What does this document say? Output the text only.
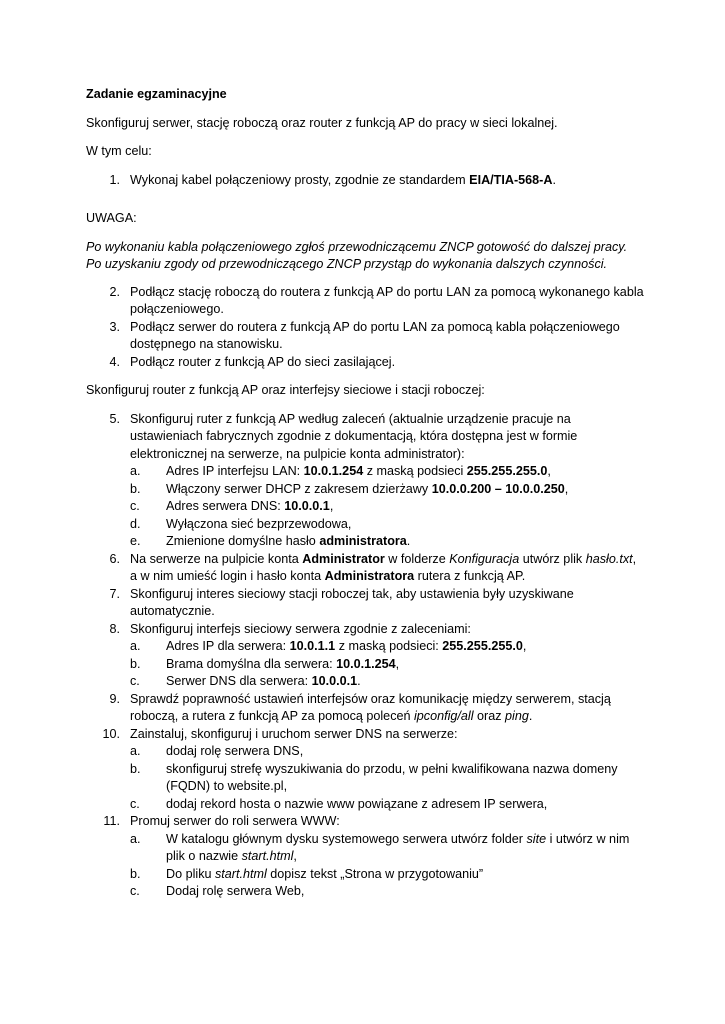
Zadanie egzaminacyjne

Skonfiguruj serwer, stację roboczą oraz router z funkcją AP do pracy w sieci lokalnej.

W tym celu:

1. Wykonaj kabel połączeniowy prosty, zgodnie ze standardem EIA/TIA-568-A.

UWAGA:

Po wykonaniu kabla połączeniowego zgłoś przewodniczącemu ZNCP gotowość do dalszej pracy. Po uzyskaniu zgody od przewodniczącego ZNCP przystąp do wykonania dalszych czynności.

2. Podłącz stację roboczą do routera z funkcją AP do portu LAN za pomocą wykonanego kabla połączeniowego.
3. Podłącz serwer do routera z funkcją AP do portu LAN za pomocą kabla połączeniowego dostępnego na stanowisku.
4. Podłącz router z funkcją AP do sieci zasilającej.

Skonfiguruj router z funkcją AP oraz interfejsy sieciowe i stacji roboczej:

5. Skonfiguruj ruter z funkcją AP według zaleceń (aktualnie urządzenie pracuje na ustawieniach fabrycznych zgodnie z dokumentacją, która dostępna jest w formie elektronicznej na serwerze, na pulpicie konta administrator):
a.	Adres IP interfejsu LAN: 10.0.1.254 z maską podsieci 255.255.255.0,
b.	Włączony serwer DHCP z zakresem dzierżawy 10.0.0.200 – 10.0.0.250,
c.	Adres serwera DNS: 10.0.0.1,
d.	Wyłączona sieć bezprzewodowa,
e.	Zmienione domyślne hasło administratora.
6. Na serwerze na pulpicie konta Administrator w folderze Konfiguracja utwórz plik hasło.txt, a w nim umieść login i hasło konta Administratora rutera z funkcją AP.
7. Skonfiguruj interes sieciowy stacji roboczej tak, aby ustawienia były uzyskiwane automatycznie.
8. Skonfiguruj interfejs sieciowy serwera zgodnie z zaleceniami:
a.	Adres IP dla serwera: 10.0.1.1 z maską podsieci: 255.255.255.0,
b.	Brama domyślna dla serwera: 10.0.1.254,
c.	Serwer DNS dla serwera: 10.0.0.1.
9. Sprawdź poprawność ustawień interfejsów oraz komunikację między serwerem, stacją roboczą, a rutera z funkcją AP za pomocą poleceń ipconfig/all oraz ping.
10. Zainstaluj, skonfiguruj i uruchom serwer DNS na serwerze:
a.	dodaj rolę serwera DNS,
b.	skonfiguruj strefę wyszukiwania do przodu, w pełni kwalifikowana nazwa domeny (FQDN) to website.pl,
c.	dodaj rekord hosta o nazwie www powiązane z adresem IP serwera,
11. Promuj serwer do roli serwera WWW:
a.	W katalogu głównym dysku systemowego serwera utwórz folder site i utwórz w nim plik o nazwie start.html,
b.	Do pliku start.html dopisz tekst „Strona w przygotowaniu”
c.	Dodaj rolę serwera Web,
